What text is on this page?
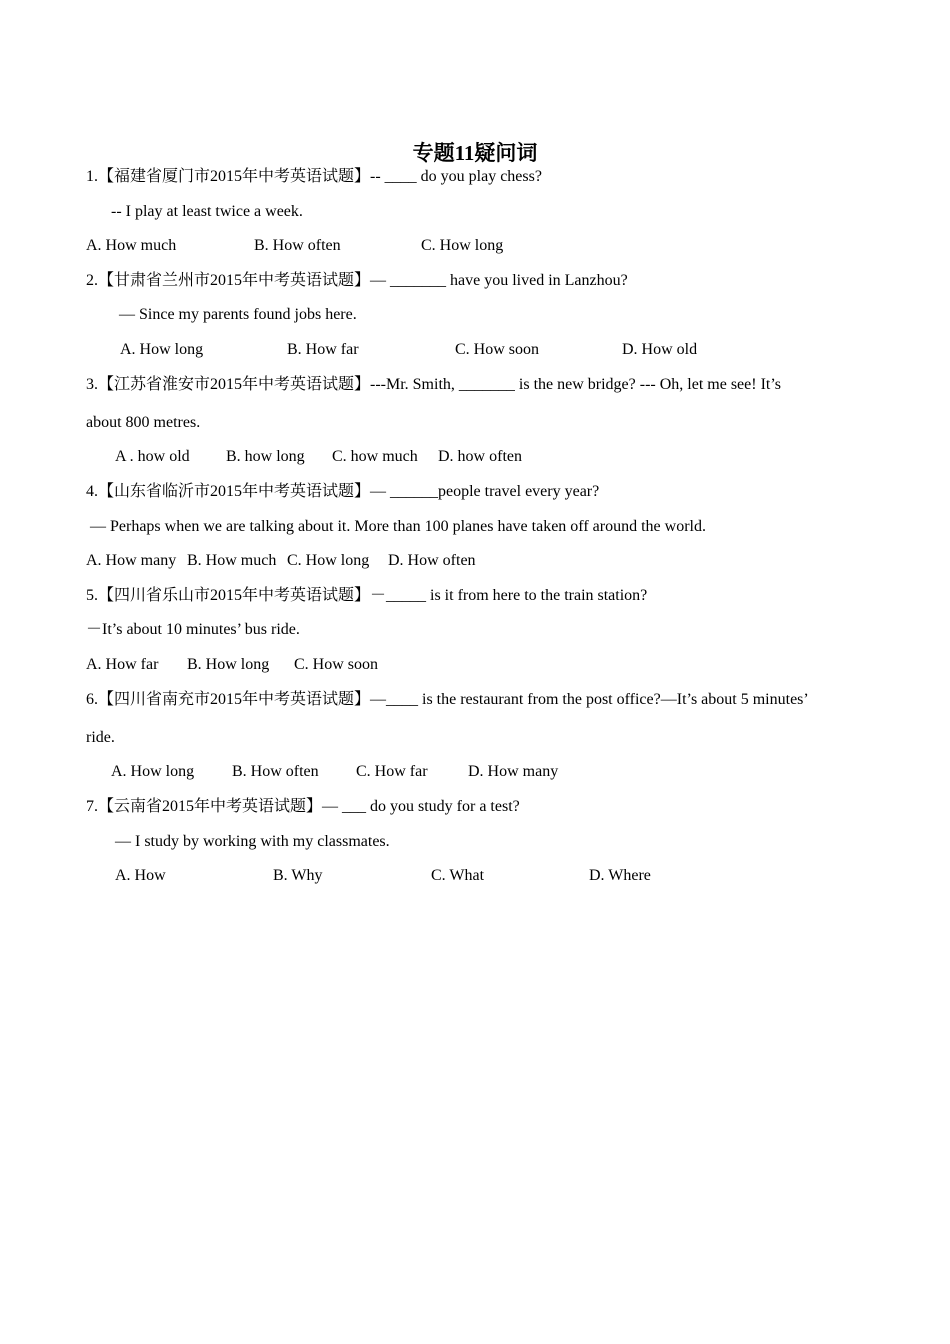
专题11疑问词
1.【福建省厦门市2015年中考英语试题】-- ____ do you play chess?
-- I play at least twice a week.
A. How much	B. How often	C. How long
2.【甘肃省兰州市2015年中考英语试题】— _______ have you lived in Lanzhou?
— Since my parents found jobs here.
A. How long	B. How far	C. How soon	D. How old
3.【江苏省淮安市2015年中考英语试题】---Mr. Smith, _______ is the new bridge? --- Oh, let me see! It’s
about 800 metres.
A . how old B. how long C. how much D. how often
4.【山东省临沂市2015年中考英语试题】— ______people travel every year?
— Perhaps when we are talking about it. More than 100 planes have taken off around the world.
A. How many B. How much C. How long D. How often
5.【四川省乐山市2015年中考英语试题】－_____ is it from here to the train station?
－It’s about 10 minutes’ bus ride.
A. How far B. How long C. How soon
6.【四川省南充市2015年中考英语试题】—____ is the restaurant from the post office?—It’s about 5 minutes’
ride.
A. How long B. How often C. How far	D. How many
7.【云南省2015年中考英语试题】— ___ do you study for a test?
— I study by working with my classmates.
A. How	B. Why	C. What	D. Where
